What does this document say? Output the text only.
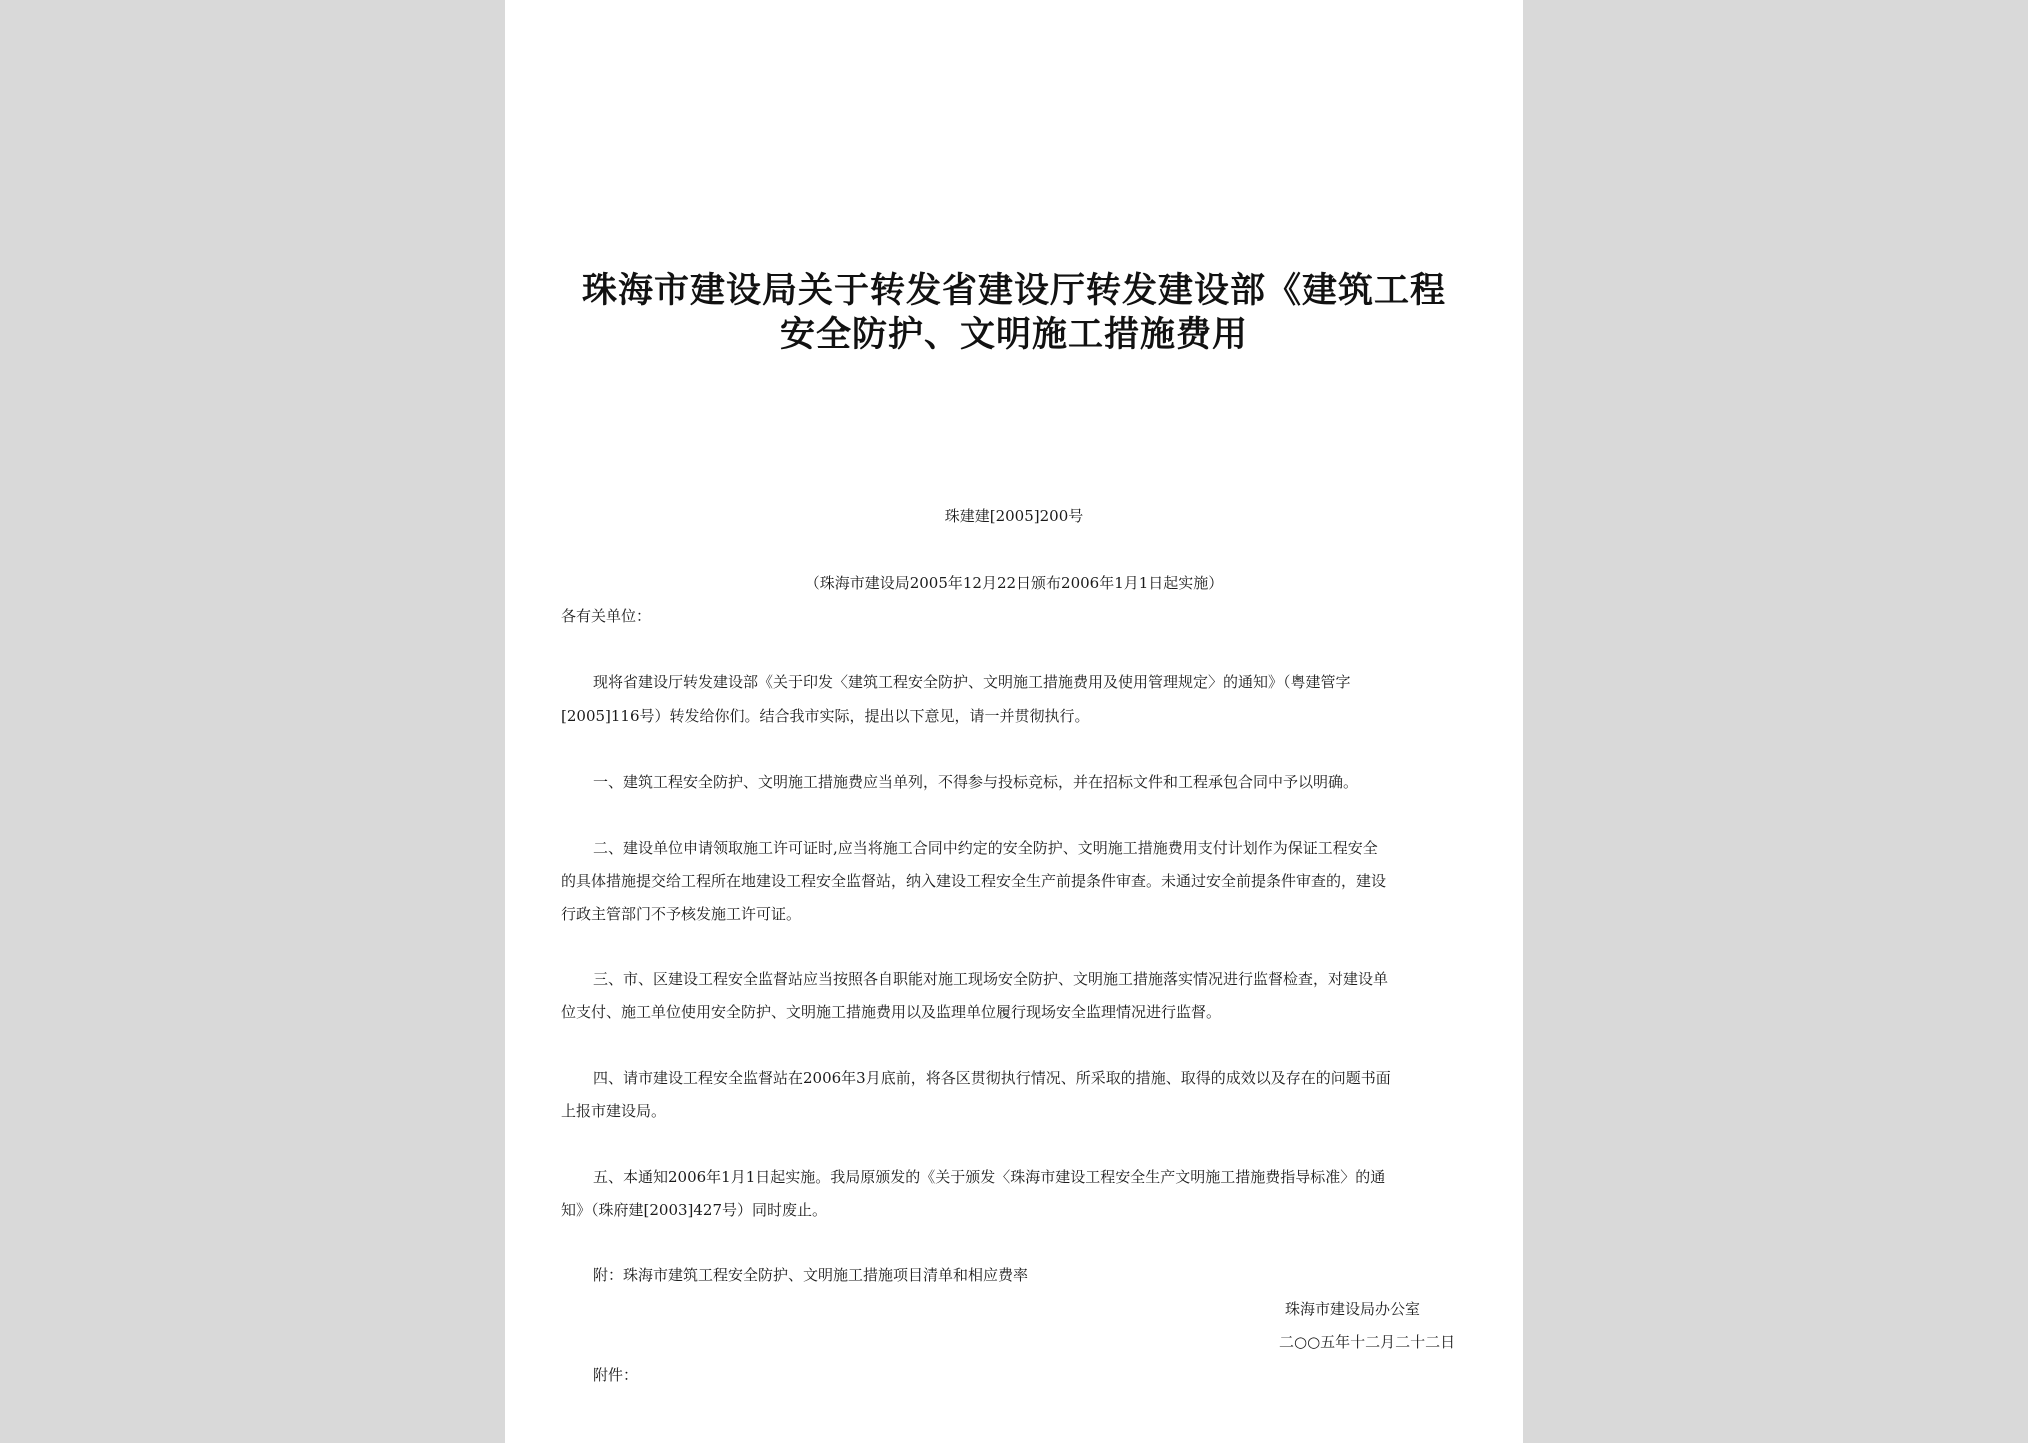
珠海市建设局关于转发省建设厅转发建设部《建筑工程
安全防护、文明施工措施费用
珠建建[2005]200号
（珠海市建设局2005年12月22日颁布2006年1月1日起实施）
各有关单位：
现将省建设厅转发建设部《关于印发〈建筑工程安全防护、文明施工措施费用及使用管理规定〉的通知》（粤建管字
[2005]116号）转发给你们。结合我市实际，提出以下意见，请一并贯彻执行。
一、建筑工程安全防护、文明施工措施费应当单列，不得参与投标竞标，并在招标文件和工程承包合同中予以明确。
二、建设单位申请领取施工许可证时,应当将施工合同中约定的安全防护、文明施工措施费用支付计划作为保证工程安全
的具体措施提交给工程所在地建设工程安全监督站，纳入建设工程安全生产前提条件审查。未通过安全前提条件审查的，建设
行政主管部门不予核发施工许可证。
三、市、区建设工程安全监督站应当按照各自职能对施工现场安全防护、文明施工措施落实情况进行监督检查，对建设单
位支付、施工单位使用安全防护、文明施工措施费用以及监理单位履行现场安全监理情况进行监督。
四、请市建设工程安全监督站在2006年3月底前，将各区贯彻执行情况、所采取的措施、取得的成效以及存在的问题书面
上报市建设局。
五、本通知2006年1月1日起实施。我局原颁发的《关于颁发〈珠海市建设工程安全生产文明施工措施费指导标准〉的通
知》（珠府建[2003]427号）同时废止。
附：珠海市建筑工程安全防护、文明施工措施项目清单和相应费率
珠海市建设局办公室
二○○五年十二月二十二日
附件：
